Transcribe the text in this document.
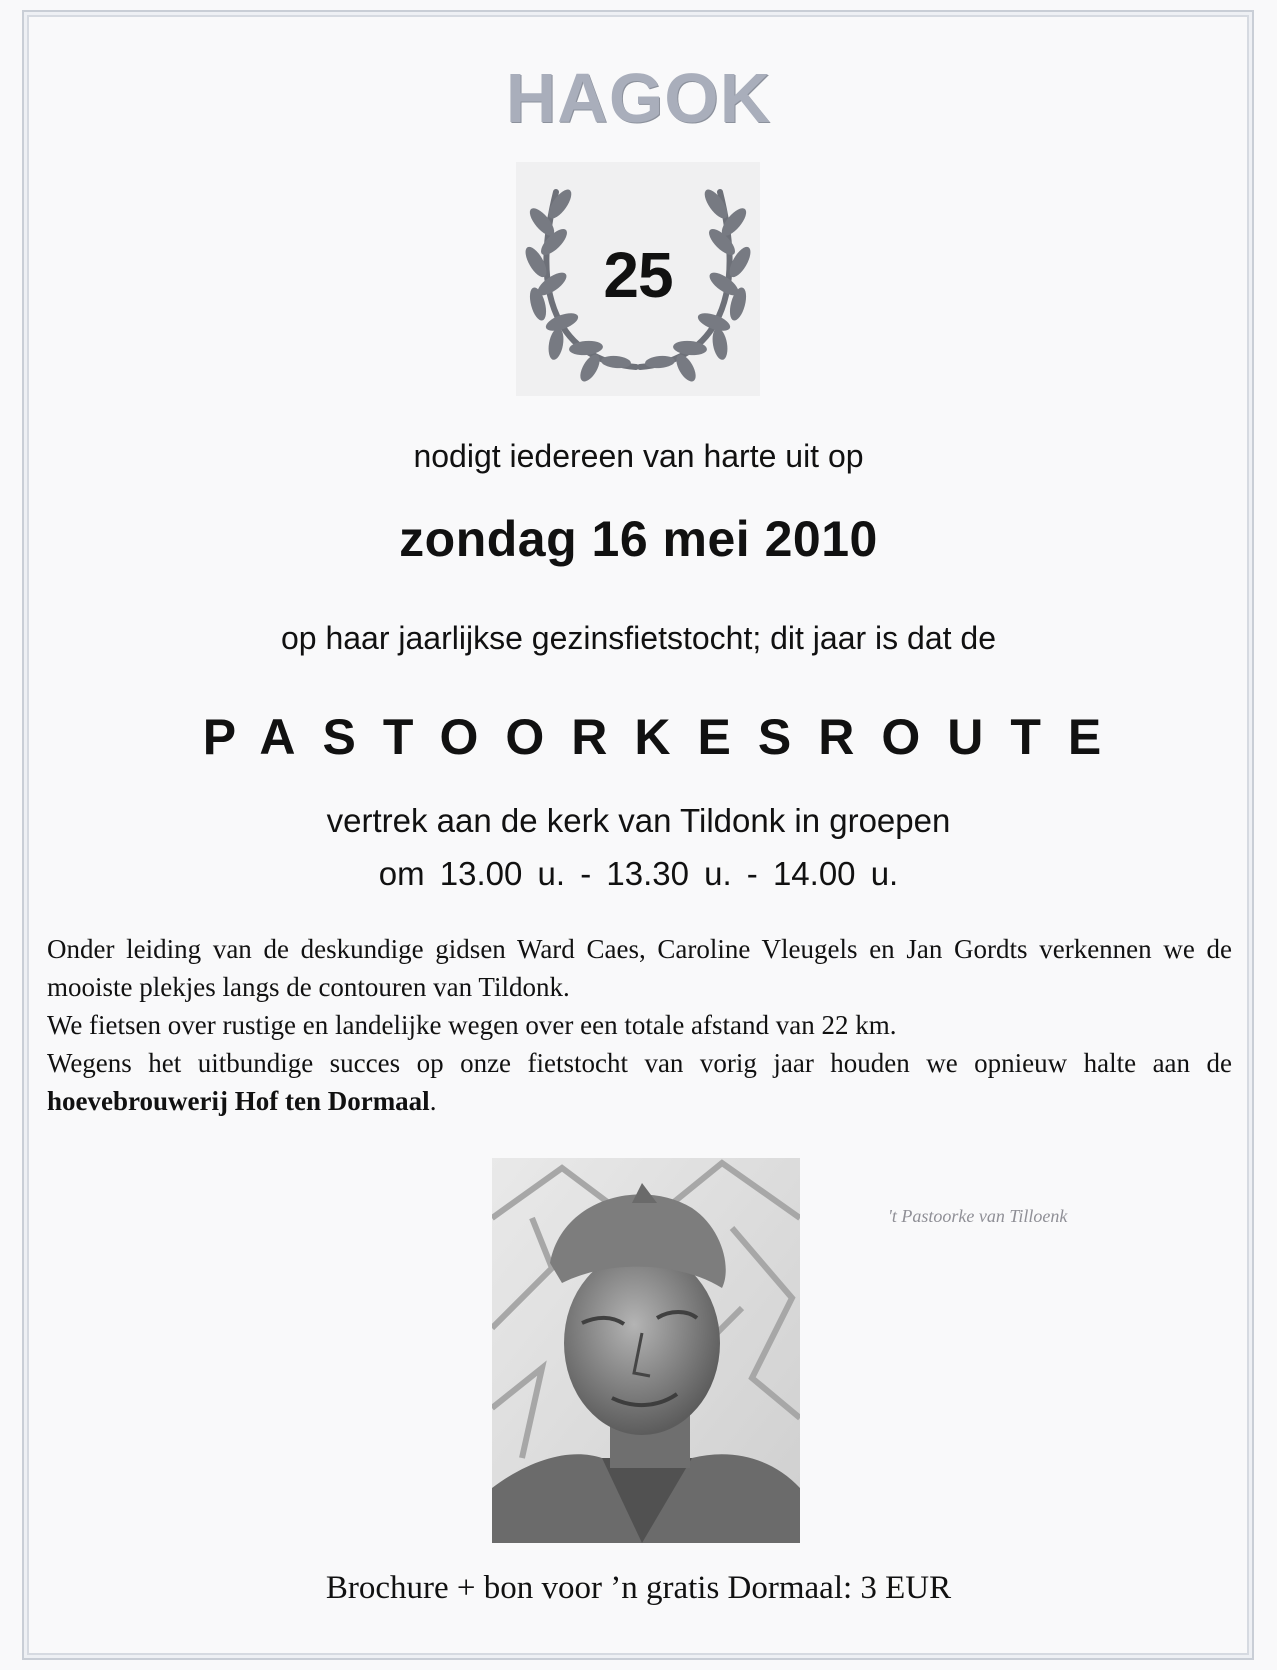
HAGOK
25
nodigt iedereen van harte uit op
zondag 16 mei 2010
op haar jaarlijkse gezinsfietstocht; dit jaar is dat de
PASTOORKESROUTE
vertrek aan de kerk van Tildonk in groepen
om 13.00 u. - 13.30 u. - 14.00 u.

Onder leiding van de deskundige gidsen Ward Caes, Caroline Vleugels en Jan Gordts verkennen we de mooiste plekjes langs de contouren van Tildonk.

We fietsen over rustige en landelijke wegen over een totale afstand van 22 km.

Wegens het uitbundige succes op onze fietstocht van vorig jaar houden we opnieuw halte aan de hoevebrouwerij Hof ten Dormaal.

't Pastoorke van Tilloenk
Brochure + bon voor ’n gratis Dormaal: 3 EUR
